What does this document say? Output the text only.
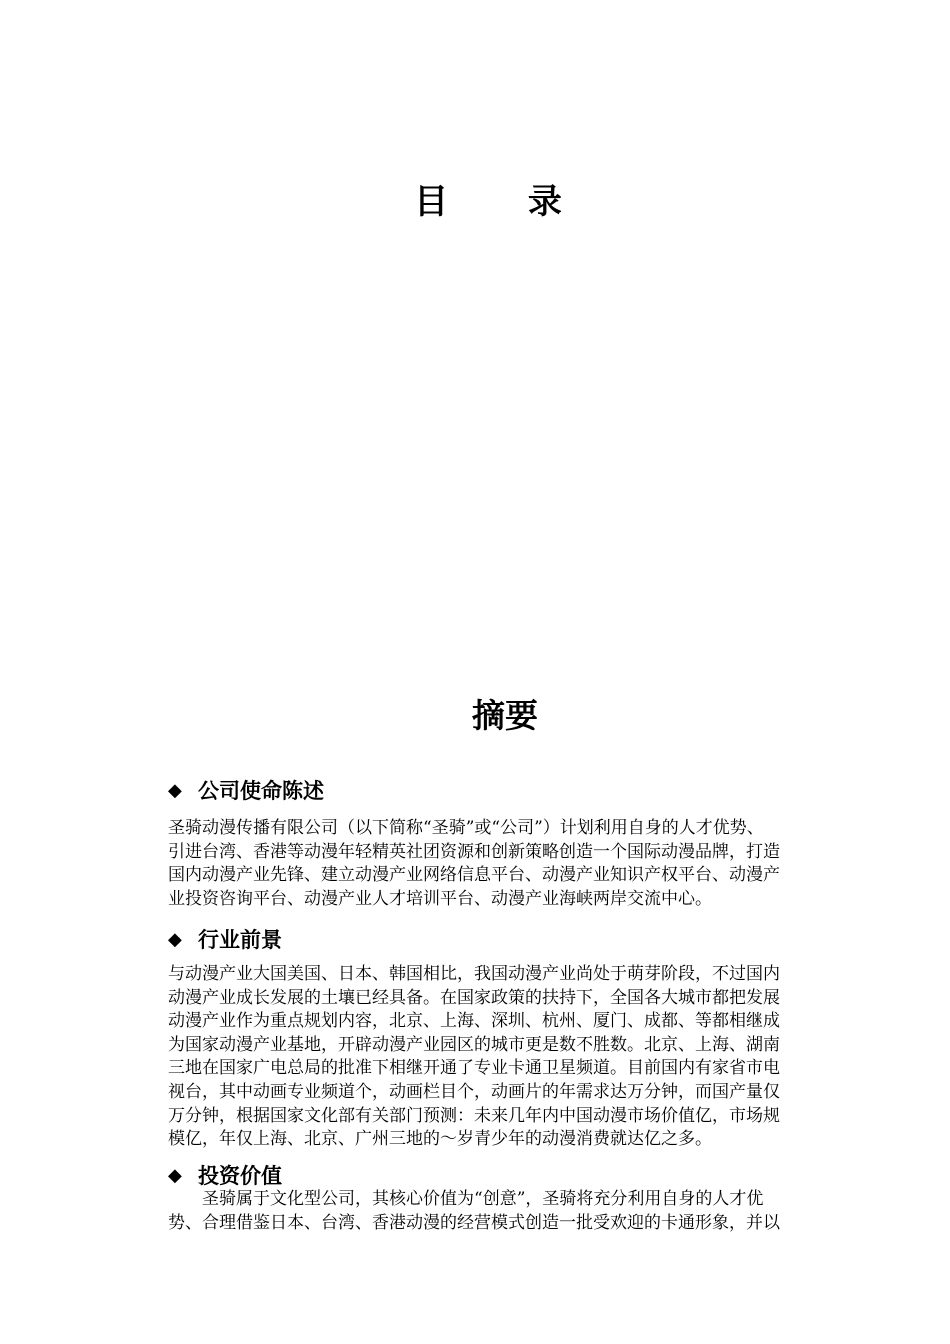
目 录
摘要
◆ 公司使命陈述
圣骑动漫传播有限公司（以下简称“圣骑”或“公司”）计划利用自身的人才优势、
引进台湾、香港等动漫年轻精英社团资源和创新策略创造一个国际动漫品牌，打造
国内动漫产业先锋、建立动漫产业网络信息平台、动漫产业知识产权平台、动漫产
业投资咨询平台、动漫产业人才培训平台、动漫产业海峡两岸交流中心。
◆ 行业前景
与动漫产业大国美国、日本、韩国相比，我国动漫产业尚处于萌芽阶段，不过国内
动漫产业成长发展的土壤已经具备。在国家政策的扶持下，全国各大城市都把发展
动漫产业作为重点规划内容，北京、上海、深圳、杭州、厦门、成都、等都相继成
为国家动漫产业基地，开辟动漫产业园区的城市更是数不胜数。北京、上海、湖南
三地在国家广电总局的批准下相继开通了专业卡通卫星频道。目前国内有家省市电
视台，其中动画专业频道个，动画栏目个，动画片的年需求达万分钟，而国产量仅
万分钟，根据国家文化部有关部门预测：未来几年内中国动漫市场价值亿，市场规
模亿，年仅上海、北京、广州三地的～岁青少年的动漫消费就达亿之多。
◆ 投资价值
圣骑属于文化型公司，其核心价值为“创意”，圣骑将充分利用自身的人才优
势、合理借鉴日本、台湾、香港动漫的经营模式创造一批受欢迎的卡通形象，并以
